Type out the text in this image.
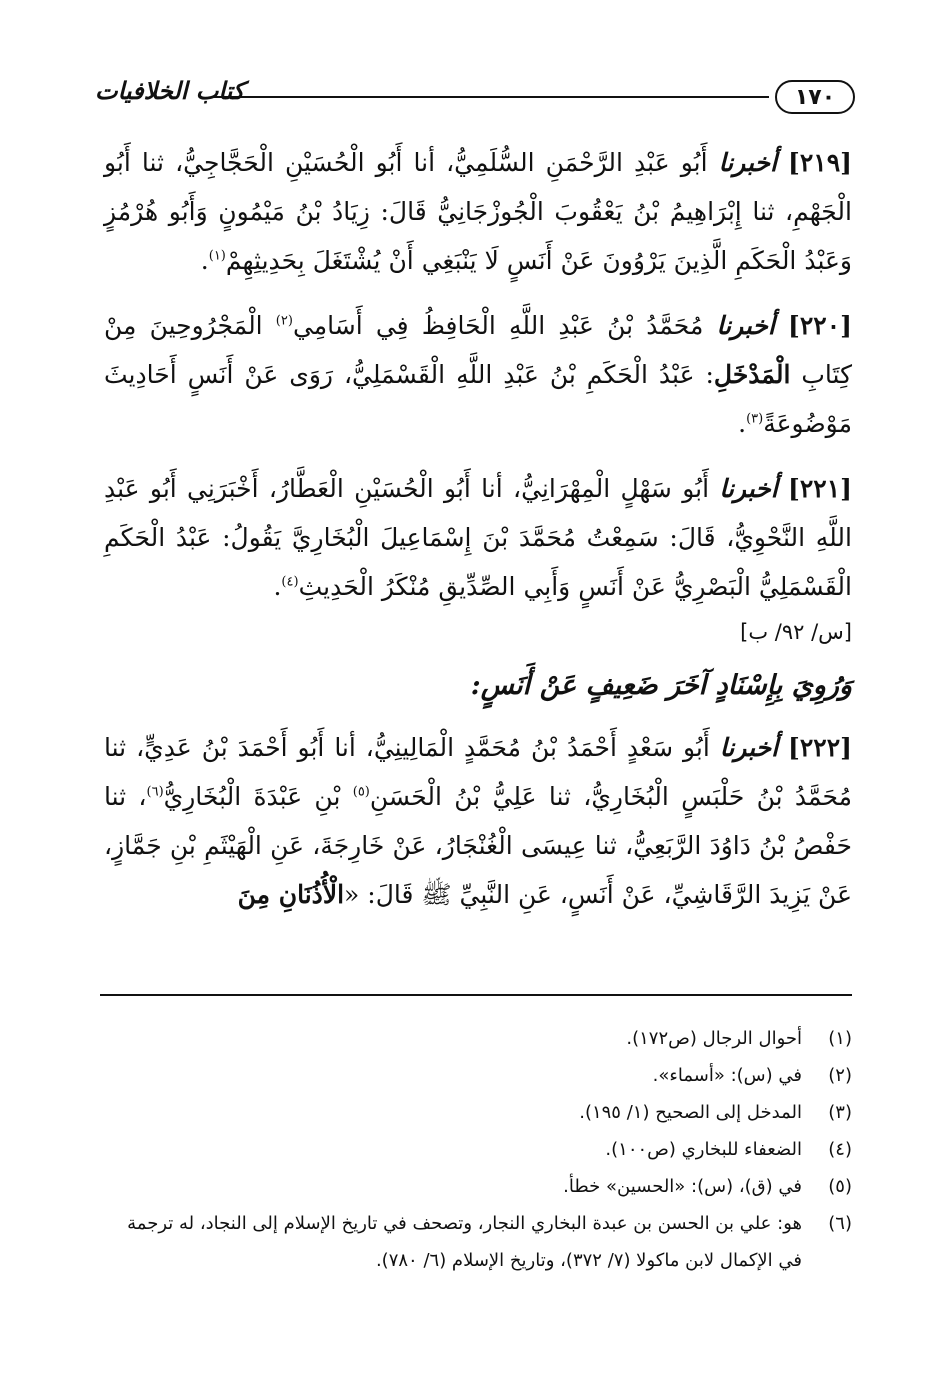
١٧٠
كتاب الخلافيات

[٢١٩] أخبرنا أَبُو عَبْدِ الرَّحْمَنِ السُّلَمِيُّ، أنا أَبُو الْحُسَيْنِ الْحَجَّاجِيُّ، ثنا أَبُو الْجَهْمِ، ثنا إِبْرَاهِيمُ بْنُ يَعْقُوبَ الْجُوزْجَانِيُّ قَالَ: زِيَادُ بْنُ مَيْمُونٍ وَأَبُو هُرْمُزٍ وَعَبْدُ الْحَكَمِ الَّذِينَ يَرْوُونَ عَنْ أَنَسٍ لَا يَنْبَغِي أَنْ يُشْتَغَلَ بِحَدِيثِهِمْ$^{(١)}$.

[٢٢٠] أخبرنا مُحَمَّدُ بْنُ عَبْدِ اللَّهِ الْحَافِظُ فِي أَسَامِي$^{(٢)}$ الْمَجْرُوحِينَ مِنْ كِتَابِ الْمَدْخَلِ: عَبْدُ الْحَكَمِ بْنُ عَبْدِ اللَّهِ الْقَسْمَلِيُّ، رَوَى عَنْ أَنَسٍ أَحَادِيثَ مَوْضُوعَةً$^{(٣)}$.

[٢٢١] أخبرنا أَبُو سَهْلٍ الْمِهْرَانِيُّ، أنا أَبُو الْحُسَيْنِ الْعَطَّارُ، أَخْبَرَنِي أَبُو عَبْدِ اللَّهِ النَّحْوِيُّ، قَالَ: سَمِعْتُ مُحَمَّدَ بْنَ إِسْمَاعِيلَ الْبُخَارِيَّ يَقُولُ: عَبْدُ الْحَكَمِ الْقَسْمَلِيُّ الْبَصْرِيُّ عَنْ أَنَسٍ وَأَبِي الصِّدِّيقِ مُنْكَرُ الْحَدِيثِ$^{(٤)}$.

[س/ ٩٢/ ب]
وَرُوِيَ بِإِسْنَادٍ آخَرَ ضَعِيفٍ عَنْ أَنَسٍ:

[٢٢٢] أخبرنا أَبُو سَعْدٍ أَحْمَدُ بْنُ مُحَمَّدٍ الْمَالِينِيُّ، أنا أَبُو أَحْمَدَ بْنُ عَدِيٍّ، ثنا مُحَمَّدُ بْنُ حَلْبَسٍ الْبُخَارِيُّ، ثنا عَلِيُّ بْنُ الْحَسَنِ$^{(٥)}$ بْنِ عَبْدَةَ الْبُخَارِيُّ$^{(٦)}$، ثنا حَفْصُ بْنُ دَاوُدَ الرَّبَعِيُّ، ثنا عِيسَى الْغُنْجَارُ، عَنْ خَارِجَةَ، عَنِ الْهَيْثَمِ بْنِ جَمَّازٍ، عَنْ يَزِيدَ الرَّقَاشِيِّ، عَنْ أَنَسٍ، عَنِ النَّبِيِّ ﷺ قَالَ: «الْأُذُنَانِ مِنَ

(١)
أحوال الرجال (ص١٧٢).
(٢)
في (س): «أسماء».
(٣)
المدخل إلى الصحيح (١/ ١٩٥).
(٤)
الضعفاء للبخاري (ص١٠٠).
(٥)
في (ق)، (س): «الحسين» خطأ.
(٦)
هو: علي بن الحسن بن عبدة البخاري النجار، وتصحف في تاريخ الإسلام إلى النجاد، له ترجمة في الإكمال لابن ماكولا (٧/ ٣٧٢)، وتاريخ الإسلام (٦/ ٧٨٠).
